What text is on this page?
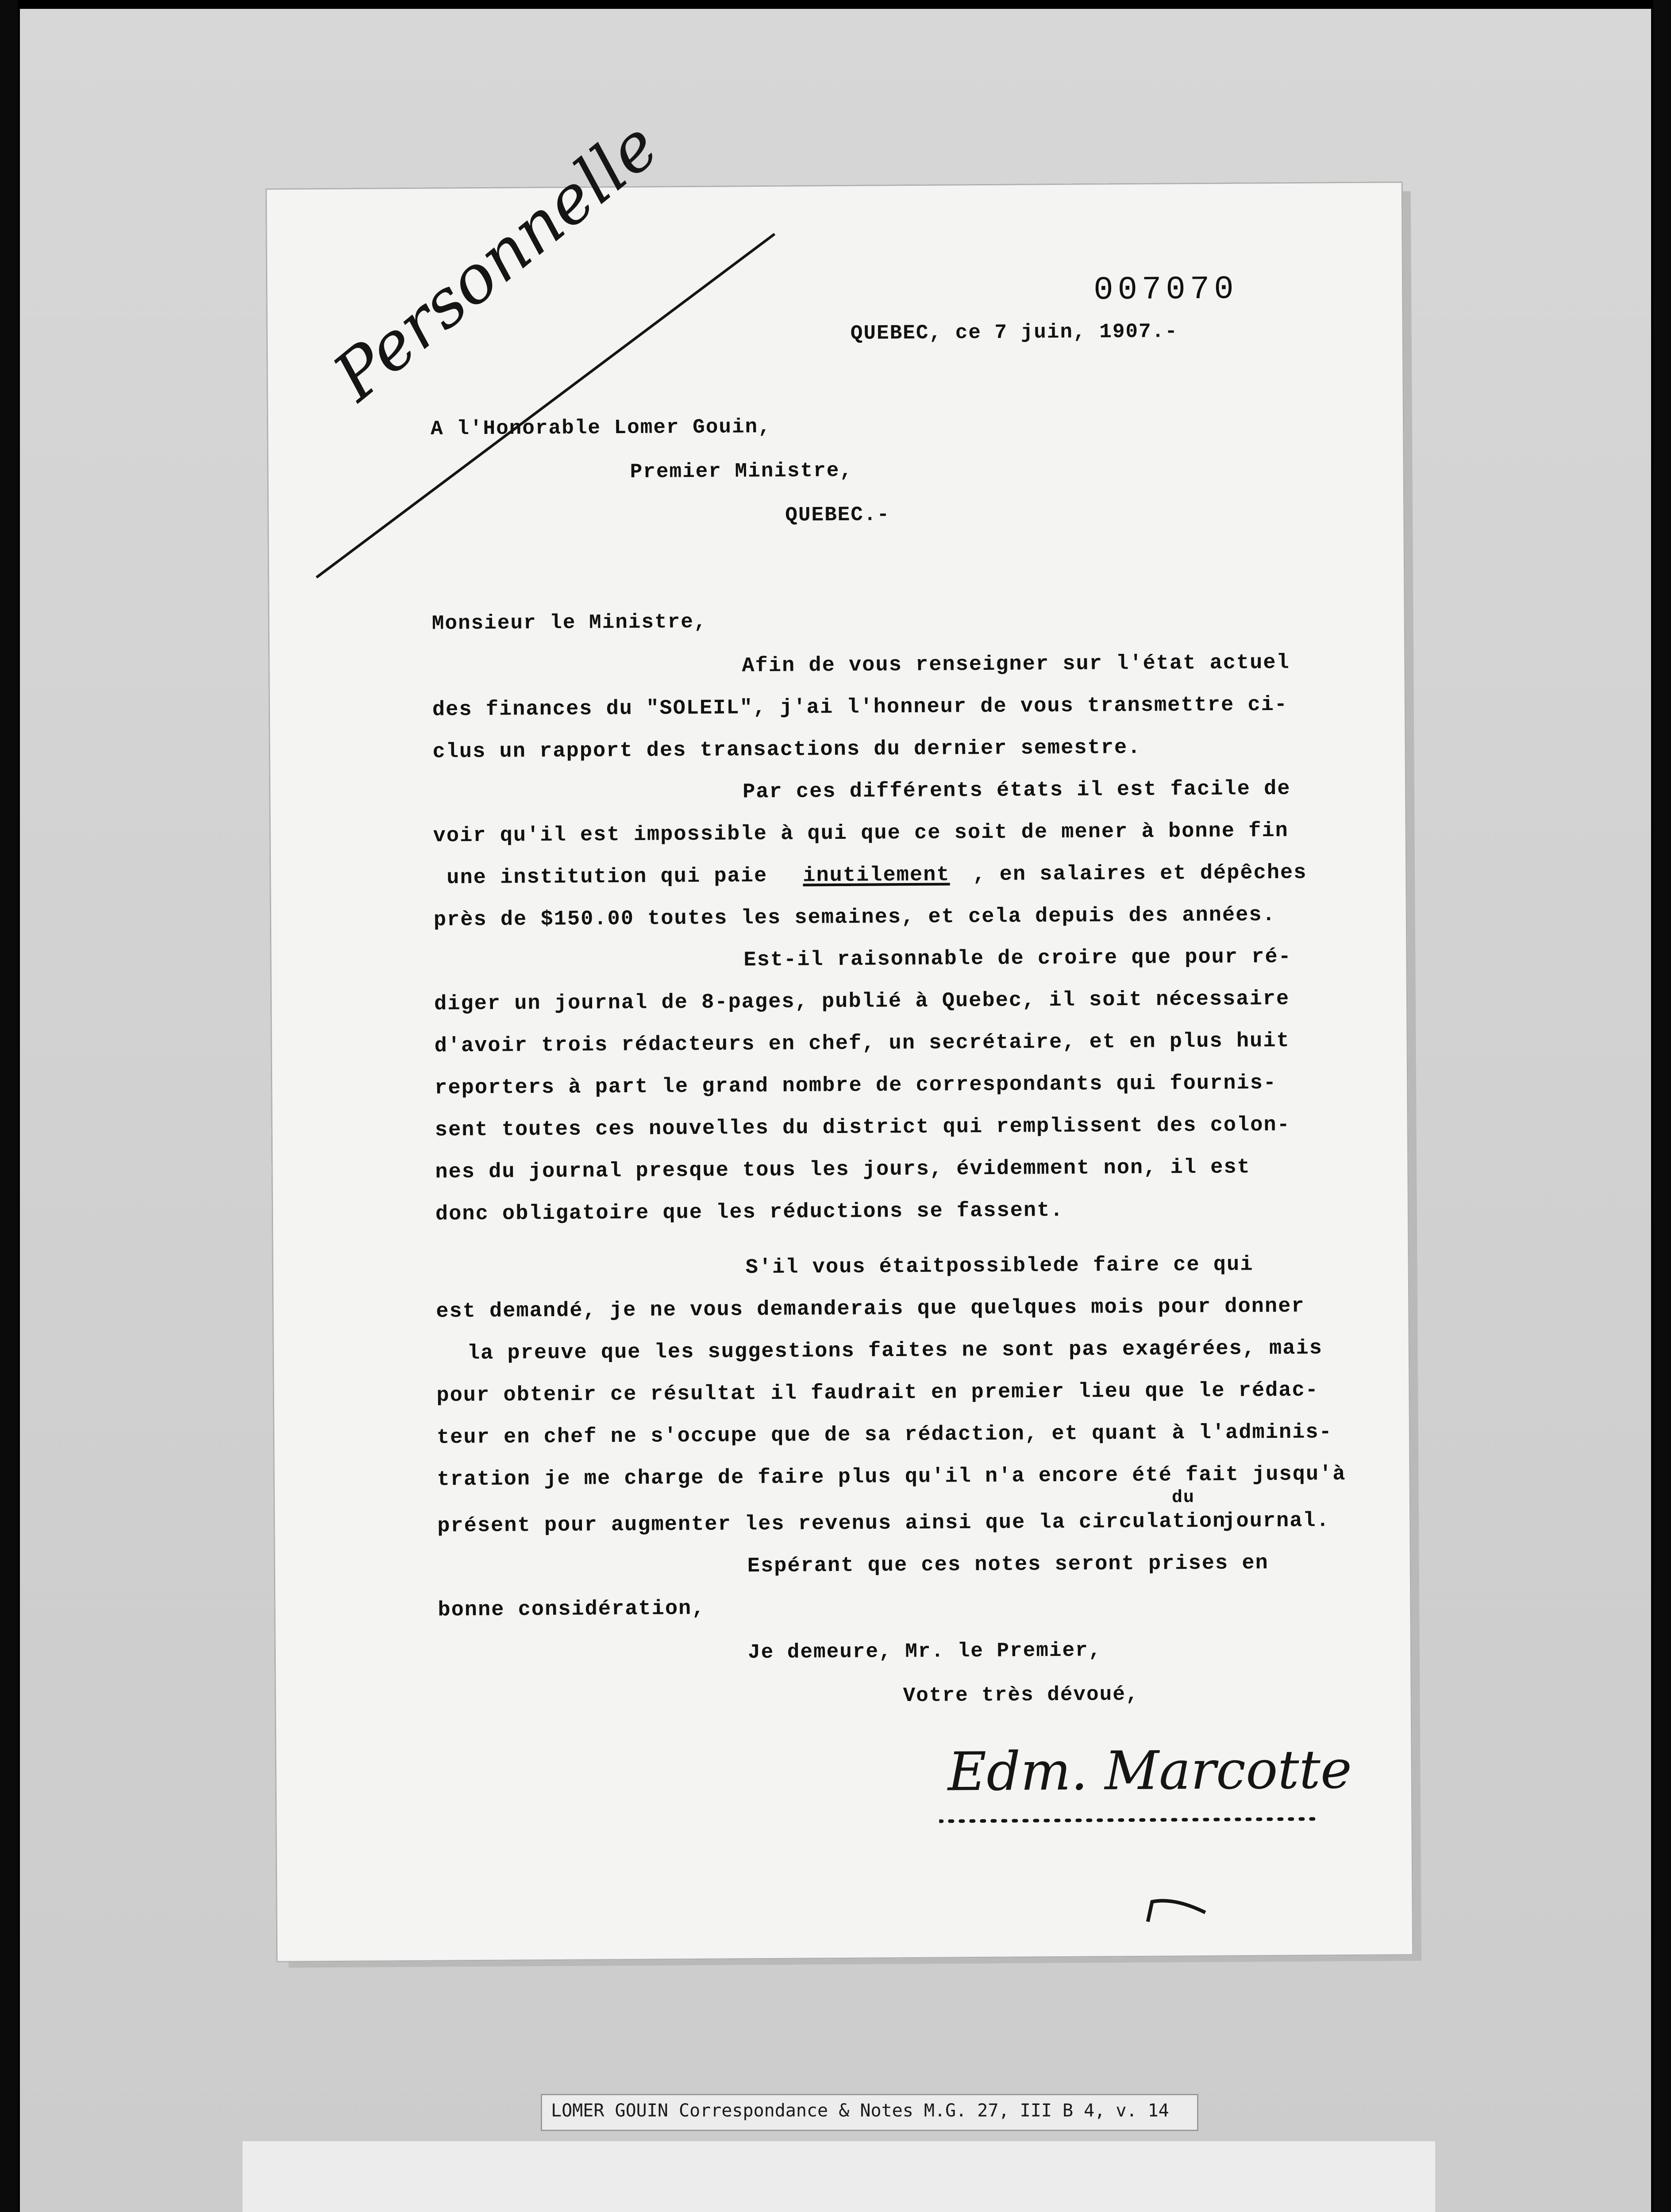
Personnelle	007070
QUEBEC, ce 7 juin, 1907.-
A l'Honorable Lomer Gouin,
Premier Ministre,
QUEBEC.-
Monsieur le Ministre,
Afin de vous renseigner sur l'état actuel
des finances du "SOLEIL", j'ai l'honneur de vous transmettre ci-
clus un rapport des transactions du dernier semestre.
Par ces différents états il est facile de
voir qu'il est impossible à qui que ce soit de mener à bonne fin
une institution qui paie inutilement , en salaires et dépêches
près de $150.00 toutes les semaines, et cela depuis des années.
Est-il raisonnable de croire que pour ré-
diger un journal de 8-pages, publié à Quebec, il soit nécessaire
d'avoir trois rédacteurs en chef, un secrétaire, et en plus huit
reporters à part le grand nombre de correspondants qui fournis-
sent toutes ces nouvelles du district qui remplissent des colon-
nes du journal presque tous les jours, évidemment non, il est
donc obligatoire que les réductions se fassent.
S'il vous étaitpossiblede faire ce qui
est demandé, je ne vous demanderais que quelques mois pour donner
la preuve que les suggestions faites ne sont pas exagérées, mais
pour obtenir ce résultat il faudrait en premier lieu que le rédac-
teur en chef ne s'occupe que de sa rédaction, et quant à l'adminis-
tration je me charge de faire plus qu'il n'a encore été fait jusqu'à
présent pour augmenter les revenus ainsi que la circulation
du
journal.
Espérant que ces notes seront prises en
bonne considération,
Je demeure, Mr. le Premier,
Votre très dévoué,
Edm. Marcotte
LOMER GOUIN Correspondance & Notes M.G. 27, III B 4, v. 14
